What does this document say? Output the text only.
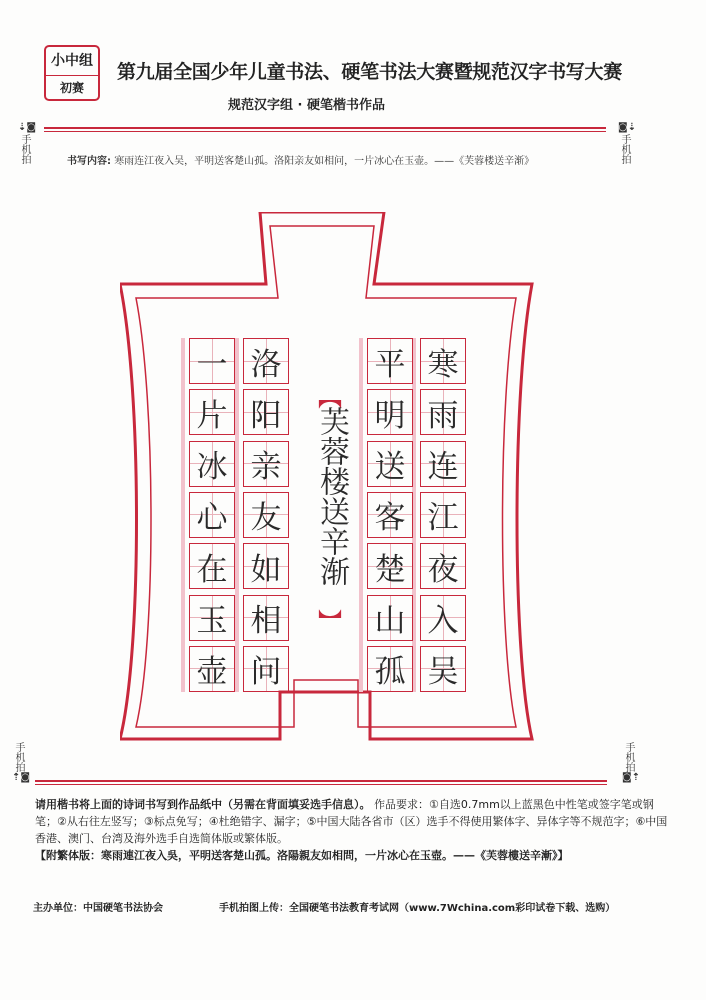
小中组
初赛
第九届全国少年儿童书法、硬笔书法大赛暨规范汉字书写大赛
规范汉字组 · 硬笔楷书作品
⇣◙
手机拍
◙⇣
手机拍
手机拍
⇡◙
手机拍
◙⇡
书写内容: 寒雨连江夜入吴，平明送客楚山孤。洛阳亲友如相问，一片冰心在玉壶。——《芙蓉楼送辛渐》
寒
雨
连
江
夜
入
吴
平
明
送
客
楚
山
孤
洛
阳
亲
友
如
相
问
一
片
冰
心
在
玉
壶
︻
芙蓉楼送辛渐
︼
请用楷书将上面的诗词书写到作品纸中（另需在背面填妥选手信息）。 作品要求：①自选0.7mm以上蓝黑色中性笔或签字笔或钢笔；②从右往左竖写；③标点免写；④杜绝错字、漏字；⑤中国大陆各省市（区）选手不得使用繁体字、异体字等不规范字；⑥中国香港、澳门、台湾及海外选手自选简体版或繁体版。
【附繁体版：寒雨連江夜入吳，平明送客楚山孤。洛陽親友如相問，一片冰心在玉壺。——《芙蓉樓送辛漸》】
主办单位：中国硬笔书法协会	手机拍图上传：全国硬笔书法教育考试网（www.7Wchina.com彩印试卷下载、选购）
